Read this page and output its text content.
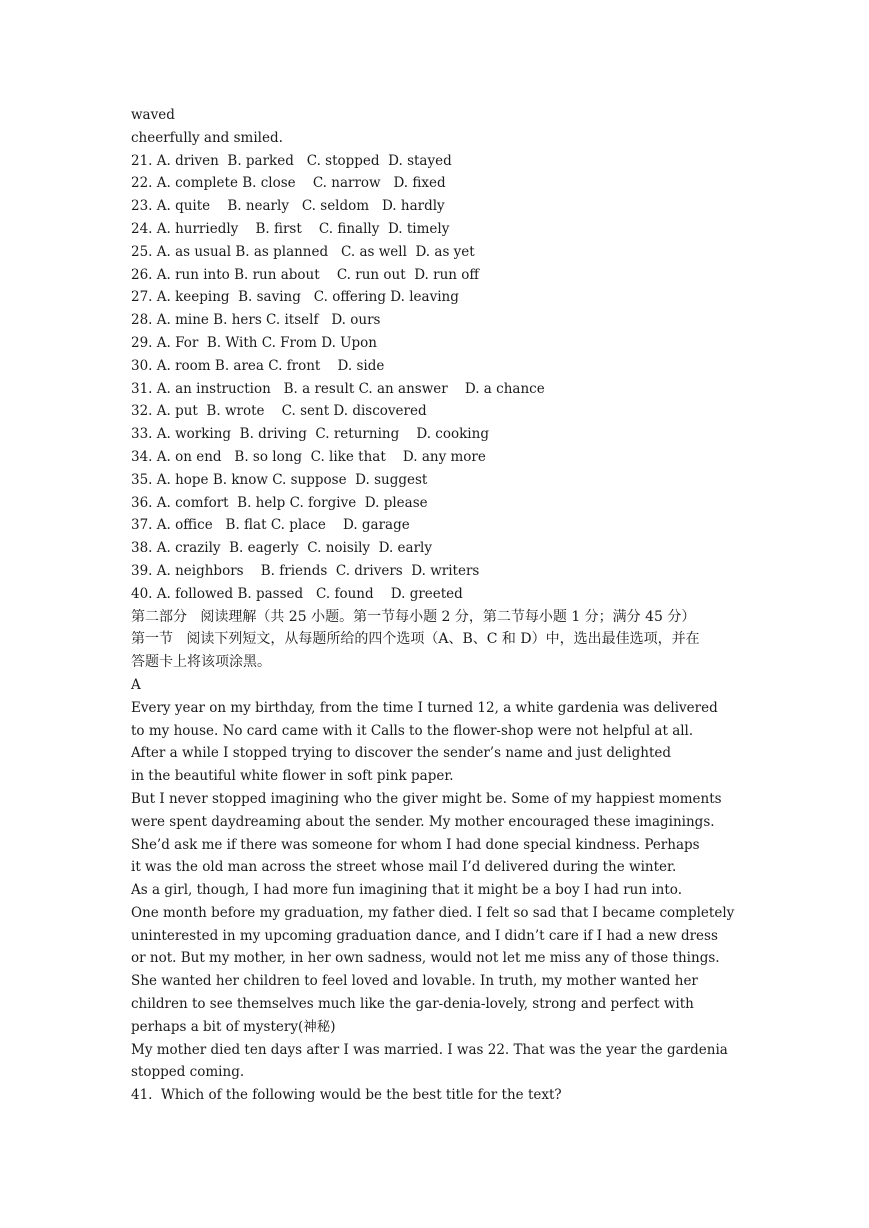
waved
cheerfully and smiled.
21. A. driven  B. parked   C. stopped  D. stayed
22. A. complete B. close    C. narrow   D. fixed
23. A. quite    B. nearly   C. seldom   D. hardly
24. A. hurriedly    B. first    C. finally  D. timely
25. A. as usual B. as planned   C. as well  D. as yet
26. A. run into B. run about    C. run out  D. run off
27. A. keeping  B. saving   C. offering D. leaving
28. A. mine B. hers C. itself   D. ours
29. A. For  B. With C. From D. Upon
30. A. room B. area C. front    D. side
31. A. an instruction   B. a result C. an answer    D. a chance
32. A. put  B. wrote    C. sent D. discovered
33. A. working  B. driving  C. returning    D. cooking
34. A. on end   B. so long  C. like that    D. any more
35. A. hope B. know C. suppose  D. suggest
36. A. comfort  B. help C. forgive  D. please
37. A. office   B. flat C. place    D. garage
38. A. crazily  B. eagerly  C. noisily  D. early
39. A. neighbors    B. friends  C. drivers  D. writers
40. A. followed B. passed   C. found    D. greeted
第二部分   阅读理解（共 25 小题。第一节每小题 2 分，第二节每小题 1 分；满分 45 分）
第一节   阅读下列短文，从每题所给的四个选项（A、B、C 和 D）中，选出最佳选项，并在
答题卡上将该项涂黑。
A
Every year on my birthday, from the time I turned 12, a white gardenia was delivered
to my house. No card came with it Calls to the flower-shop were not helpful at all.
After a while I stopped trying to discover the sender’s name and just delighted
in the beautiful white flower in soft pink paper.
But I never stopped imagining who the giver might be. Some of my happiest moments
were spent daydreaming about the sender. My mother encouraged these imaginings.
She’d ask me if there was someone for whom I had done special kindness. Perhaps
it was the old man across the street whose mail I’d delivered during the winter.
As a girl, though, I had more fun imagining that it might be a boy I had run into.
One month before my graduation, my father died. I felt so sad that I became completely
uninterested in my upcoming graduation dance, and I didn’t care if I had a new dress
or not. But my mother, in her own sadness, would not let me miss any of those things.
She wanted her children to feel loved and lovable. In truth, my mother wanted her
children to see themselves much like the gar-denia-lovely, strong and perfect with
perhaps a bit of mystery(神秘)
My mother died ten days after I was married. I was 22. That was the year the gardenia
stopped coming.
41.  Which of the following would be the best title for the text?
